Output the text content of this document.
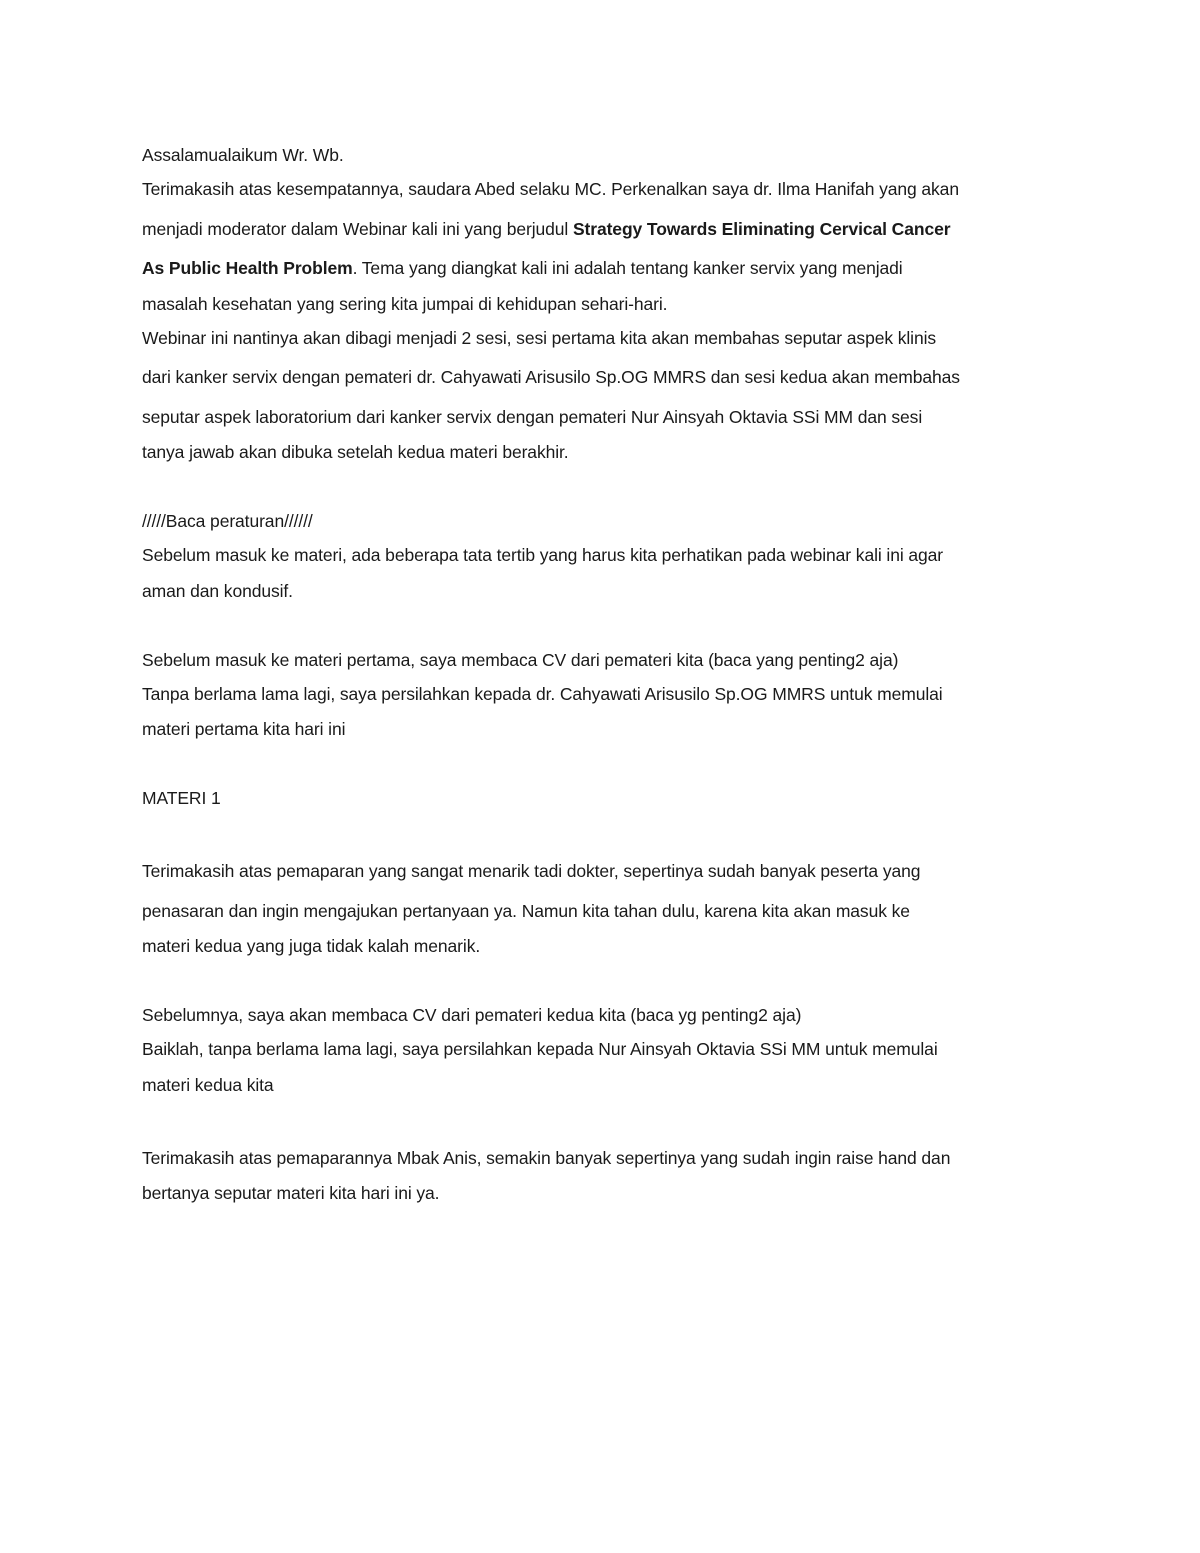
Assalamualaikum Wr. Wb.
Terimakasih atas kesempatannya, saudara Abed selaku MC. Perkenalkan saya dr. Ilma Hanifah yang akan
menjadi moderator dalam Webinar kali ini yang berjudul Strategy Towards Eliminating Cervical Cancer
As Public Health Problem. Tema yang diangkat kali ini adalah tentang kanker servix yang menjadi
masalah kesehatan yang sering kita jumpai di kehidupan sehari-hari.
Webinar ini nantinya akan dibagi menjadi 2 sesi, sesi pertama kita akan membahas seputar aspek klinis
dari kanker servix dengan pemateri dr. Cahyawati Arisusilo Sp.OG MMRS dan sesi kedua akan membahas
seputar aspek laboratorium dari kanker servix dengan pemateri Nur Ainsyah Oktavia SSi MM dan sesi
tanya jawab akan dibuka setelah kedua materi berakhir.
/////Baca peraturan//////
Sebelum masuk ke materi, ada beberapa tata tertib yang harus kita perhatikan pada webinar kali ini agar
aman dan kondusif.
Sebelum masuk ke materi pertama, saya membaca CV dari pemateri kita (baca yang penting2 aja)
Tanpa berlama lama lagi, saya persilahkan kepada dr. Cahyawati Arisusilo Sp.OG MMRS untuk memulai
materi pertama kita hari ini
MATERI 1
Terimakasih atas pemaparan yang sangat menarik tadi dokter, sepertinya sudah banyak peserta yang
penasaran dan ingin mengajukan pertanyaan ya. Namun kita tahan dulu, karena kita akan masuk ke
materi kedua yang juga tidak kalah menarik.
Sebelumnya, saya akan membaca CV dari pemateri kedua kita (baca yg penting2 aja)
Baiklah, tanpa berlama lama lagi, saya persilahkan kepada Nur Ainsyah Oktavia SSi MM untuk memulai
materi kedua kita
Terimakasih atas pemaparannya Mbak Anis, semakin banyak sepertinya yang sudah ingin raise hand dan
bertanya seputar materi kita hari ini ya.
